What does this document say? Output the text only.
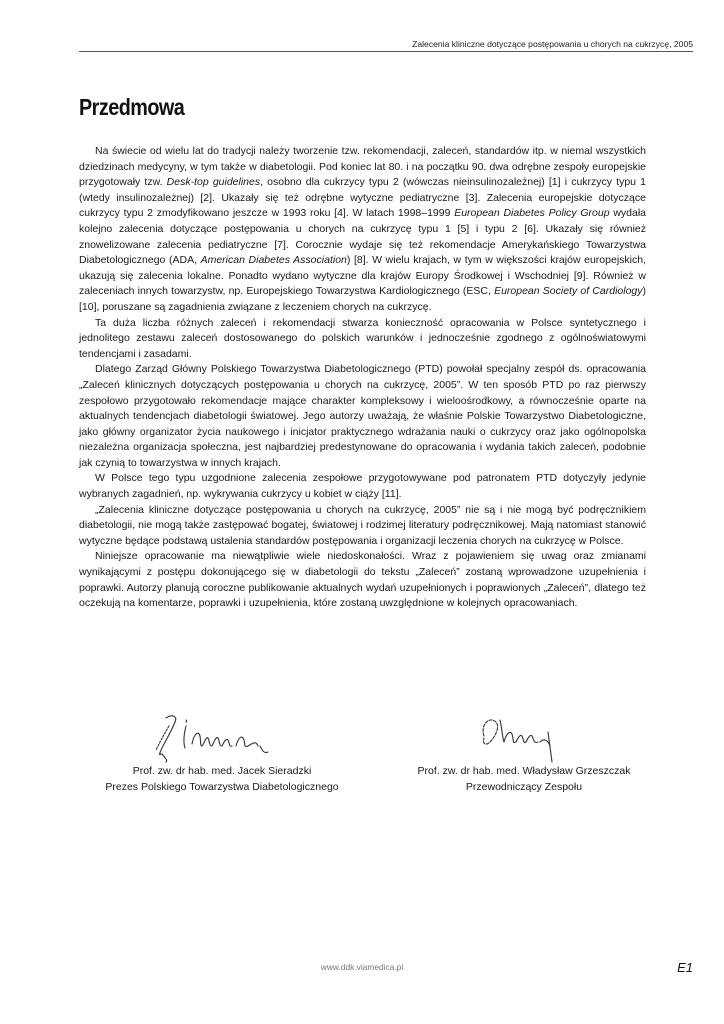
Zalecenia kliniczne dotyczące postępowania u chorych na cukrzycę, 2005
Przedmowa

Na świecie od wielu lat do tradycji należy tworzenie tzw. rekomendacji, zaleceń, standardów itp. w niemal wszystkich dziedzinach medycyny, w tym także w diabetologii. Pod koniec lat 80. i na początku 90. dwa odrębne zespoły europejskie przygotowały tzw. Desk-top guidelines, osobno dla cukrzycy typu 2 (wówczas nieinsulinozależnej) [1] i cukrzycy typu 1 (wtedy insulinozależnej) [2]. Ukazały się też odrębne wytyczne pediatryczne [3]. Zalecenia europejskie dotyczące cukrzycy typu 2 zmodyfikowano jeszcze w 1993 roku [4]. W latach 1998–1999 European Diabetes Policy Group wydała kolejno zalecenia dotyczące postępowania u chorych na cukrzycę typu 1 [5] i typu 2 [6]. Ukazały się również znowelizowane zalecenia pediatryczne [7]. Corocznie wydaje się też rekomendacje Amerykańskiego Towarzystwa Diabetologicznego (ADA, American Diabetes Association) [8]. W wielu krajach, w tym w większości krajów europejskich, ukazują się zalecenia lokalne. Ponadto wydano wytyczne dla krajów Europy Środkowej i Wschodniej [9]. Również w zaleceniach innych towarzystw, np. Europejskiego Towarzystwa Kardiologicznego (ESC, European Society of Cardiology) [10], poruszane są zagadnienia związane z leczeniem chorych na cukrzycę.

Ta duża liczba różnych zaleceń i rekomendacji stwarza konieczność opracowania w Polsce syntetycznego i jednolitego zestawu zaleceń dostosowanego do polskich warunków i jednocześnie zgodnego z ogólnoświatowymi tendencjami i zasadami.

Dlatego Zarząd Główny Polskiego Towarzystwa Diabetologicznego (PTD) powołał specjalny zespół ds. opracowania „Zaleceń klinicznych dotyczących postępowania u chorych na cukrzycę, 2005”. W ten sposób PTD po raz pierwszy zespołowo przygotowało rekomendacje mające charakter kompleksowy i wieloośrodkowy, a równocześnie oparte na aktualnych tendencjach diabetologii światowej. Jego autorzy uważają, że właśnie Polskie Towarzystwo Diabetologiczne, jako główny organizator życia naukowego i inicjator praktycznego wdrażania nauki o cukrzycy oraz jako ogólnopolska niezależna organizacja społeczna, jest najbardziej predestynowane do opracowania i wydania takich zaleceń, podobnie jak czynią to towarzystwa w innych krajach.

W Polsce tego typu uzgodnione zalecenia zespołowe przygotowywane pod patronatem PTD dotyczyły jedynie wybranych zagadnień, np. wykrywania cukrzycy u kobiet w ciąży [11].

„Zalecenia kliniczne dotyczące postępowania u chorych na cukrzycę, 2005” nie są i nie mogą być podręcznikiem diabetologii, nie mogą także zastępować bogatej, światowej i rodzimej literatury podręcznikowej. Mają natomiast stanowić wytyczne będące podstawą ustalenia standardów postępowania i organizacji leczenia chorych na cukrzycę w Polsce.

Niniejsze opracowanie ma niewątpliwie wiele niedoskonałości. Wraz z pojawieniem się uwag oraz zmianami wynikającymi z postępu dokonującego się w diabetologii do tekstu „Zaleceń” zostaną wprowadzone uzupełnienia i poprawki. Autorzy planują coroczne publikowanie aktualnych wydań uzupełnionych i poprawionych „Zaleceń”, dlatego też oczekują na komentarze, poprawki i uzupełnienia, które zostaną uwzględnione w kolejnych opracowaniach.

Prof. zw. dr hab. med. Jacek Sieradzki
Prezes Polskiego Towarzystwa Diabetologicznego
Prof. zw. dr hab. med. Władysław Grzeszczak
Przewodniczący Zespołu
www.ddk.viamedica.pl	E1
